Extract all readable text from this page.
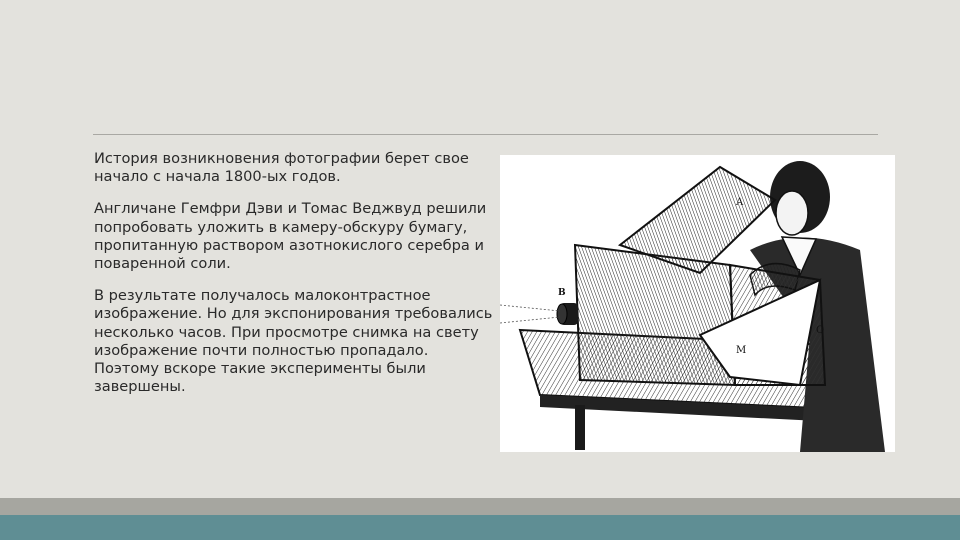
История возникновения фотографии берет свое начало с начала 1800-ых годов.

Англичане Гемфри Дэви и Томас Веджвуд решили попробовать уложить в камеру-обскуру бумагу, пропитанную раствором азотнокислого серебра и поваренной соли.

В результате получалось малоконтрастное изображение. Но для экспонирования требовались несколько часов. При просмотре снимка на свету изображение почти полностью пропадало. Поэтому вскоре такие эксперименты были завершены.

A
B
M
O
